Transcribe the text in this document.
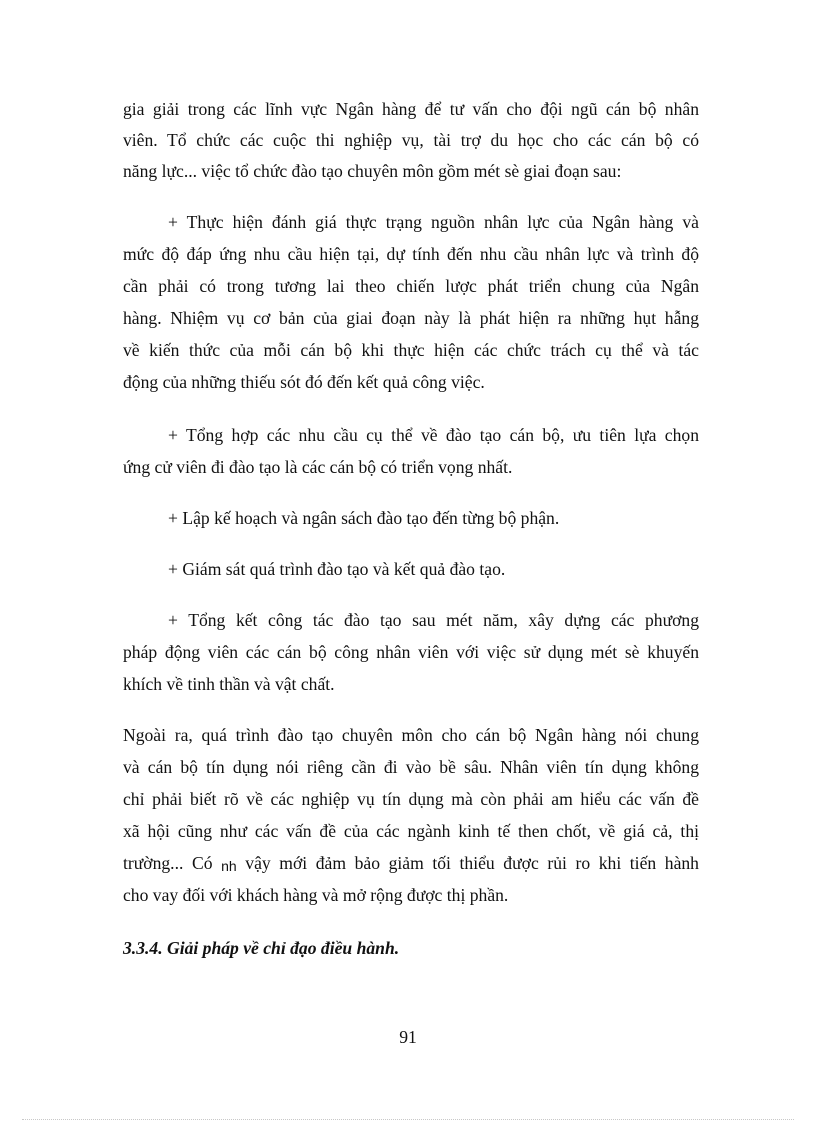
gia giải trong các lĩnh vực Ngân hàng để tư vấn cho đội ngũ cán bộ nhân
viên. Tổ chức các cuộc thi nghiệp vụ, tài trợ du học cho các cán bộ có
năng lực... việc tổ chức đào tạo chuyên môn gồm mét sè giai đoạn sau:
+ Thực hiện đánh giá thực trạng nguồn nhân lực của Ngân hàng và
mức độ đáp ứng nhu cầu hiện tại, dự tính đến nhu cầu nhân lực và trình độ
cần phải có trong tương lai theo chiến lược phát triển chung của Ngân
hàng. Nhiệm vụ cơ bản của giai đoạn này là phát hiện ra những hụt hẫng
về kiến thức của mỗi cán bộ khi thực hiện các chức trách cụ thể và tác
động của những thiếu sót đó đến kết quả công việc.
+ Tổng hợp các nhu cầu cụ thể về đào tạo cán bộ, ưu tiên lựa chọn
ứng cử viên đi đào tạo là các cán bộ có triển vọng nhất.
+ Lập kế hoạch và ngân sách đào tạo đến từng bộ phận.
+ Giám sát quá trình đào tạo và kết quả đào tạo.
+ Tổng kết công tác đào tạo sau mét năm, xây dựng các phương
pháp động viên các cán bộ công nhân viên với việc sử dụng mét sè khuyến
khích về tinh thần và vật chất.
Ngoài ra, quá trình đào tạo chuyên môn cho cán bộ Ngân hàng nói chung
và cán bộ tín dụng nói riêng cần đi vào bề sâu. Nhân viên tín dụng không
chỉ phải biết rõ về các nghiệp vụ tín dụng mà còn phải am hiểu các vấn đề
xã hội cũng như các vấn đề của các ngành kinh tế then chốt, về giá cả, thị
trường... Có nh vậy mới đảm bảo giảm tối thiểu được rủi ro khi tiến hành
cho vay đối với khách hàng và mở rộng được thị phần.
3.3.4. Giải pháp về chỉ đạo điều hành.
91
